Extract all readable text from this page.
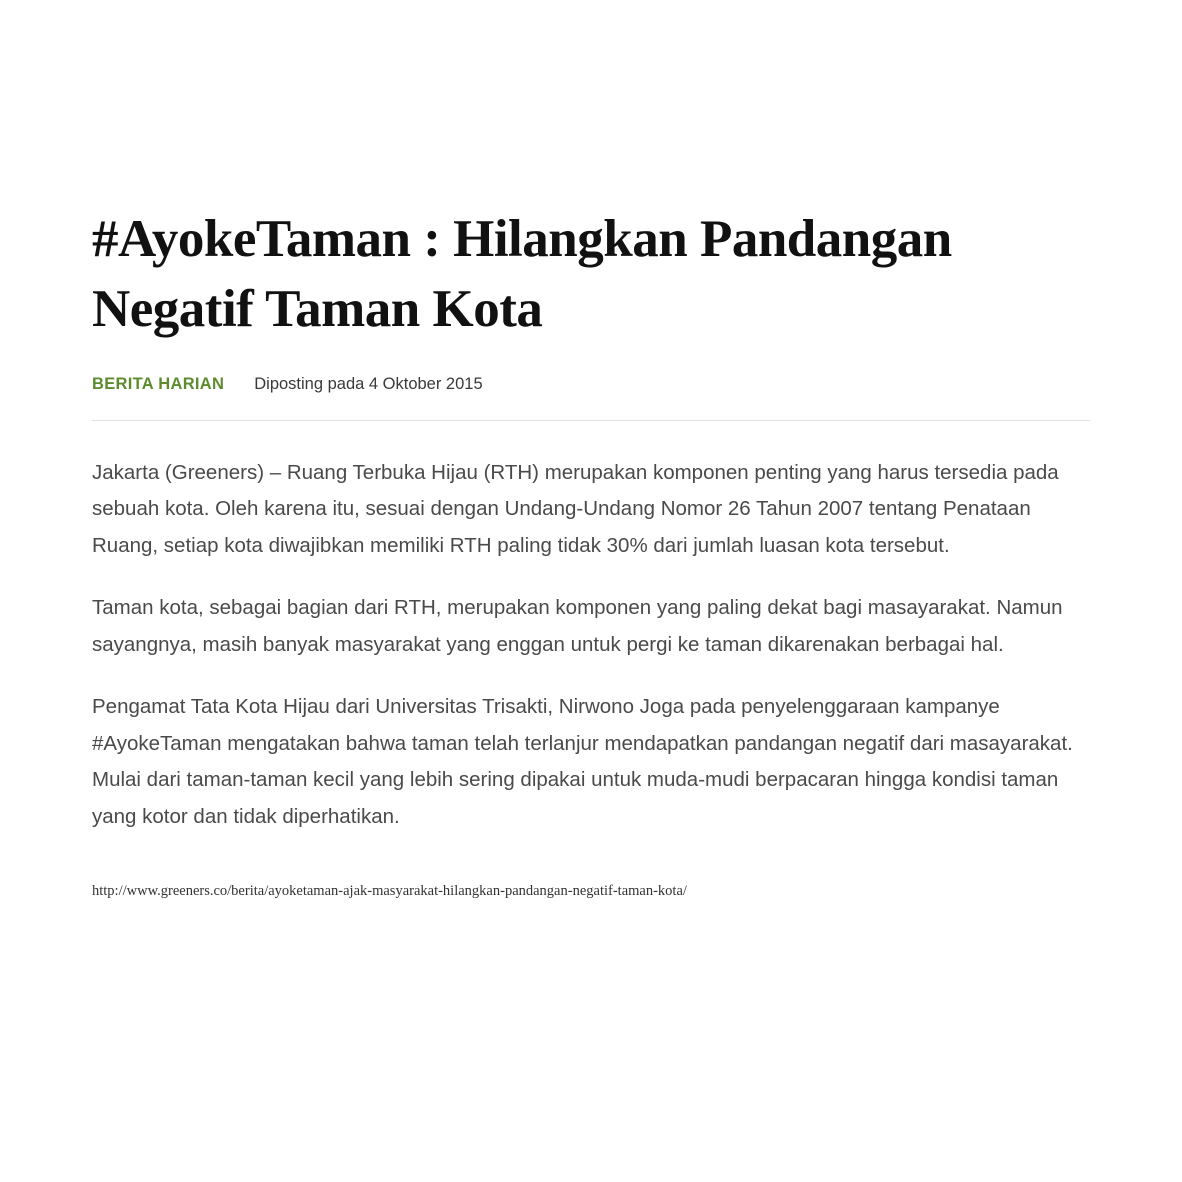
#AyokeTaman : Hilangkan Pandangan Negatif Taman Kota
BERITA HARIAN Diposting pada 4 Oktober 2015

Jakarta (Greeners) – Ruang Terbuka Hijau (RTH) merupakan komponen penting yang harus tersedia pada sebuah kota. Oleh karena itu, sesuai dengan Undang-Undang Nomor 26 Tahun 2007 tentang Penataan Ruang, setiap kota diwajibkan memiliki RTH paling tidak 30% dari jumlah luasan kota tersebut.

Taman kota, sebagai bagian dari RTH, merupakan komponen yang paling dekat bagi masayarakat. Namun sayangnya, masih banyak masyarakat yang enggan untuk pergi ke taman dikarenakan berbagai hal.

Pengamat Tata Kota Hijau dari Universitas Trisakti, Nirwono Joga pada penyelenggaraan kampanye #AyokeTaman mengatakan bahwa taman telah terlanjur mendapatkan pandangan negatif dari masayarakat. Mulai dari taman-taman kecil yang lebih sering dipakai untuk muda-mudi berpacaran hingga kondisi taman yang kotor dan tidak diperhatikan.

http://www.greeners.co/berita/ayoketaman-ajak-masyarakat-hilangkan-pandangan-negatif-taman-kota/
